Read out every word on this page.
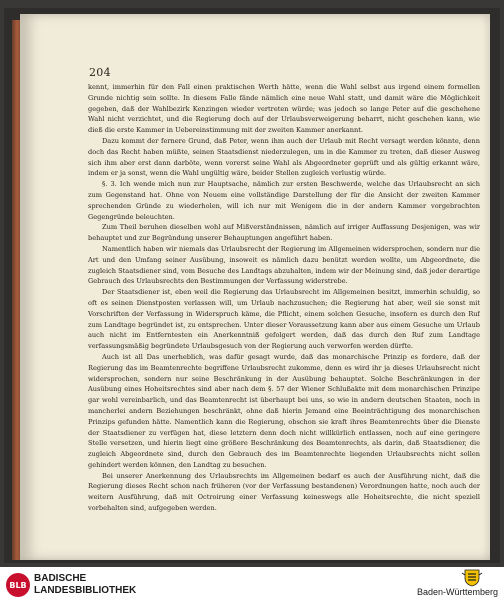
204

kennt, immerhin für den Fall einen praktischen Werth hätte, wenn die Wahl selbst aus irgend einem formellen Grunde nichtig sein sollte. In diesem Falle fände nämlich eine neue Wahl statt, und damit wäre die Möglichkeit gegeben, daß der Wahlbezirk Kenzingen wieder vertreten würde; was jedoch so lange Peter auf die geschehene Wahl nicht verzichtet, und die Regierung doch auf der Urlaubsverweigerung beharrt, nicht geschehen kann, wie dieß die erste Kammer in Uebereinstimmung mit der zweiten Kammer anerkannt.

Dazu kommt der fernere Grund, daß Peter, wenn ihm auch der Urlaub mit Recht versagt werden könnte, denn doch das Recht haben müßte, seinen Staatsdienst niederzulegen, um in die Kammer zu treten, daß dieser Ausweg sich ihm aber erst dann darböte, wenn vorerst seine Wahl als Abgeordneter geprüft und als gültig erkannt wäre, indem er ja sonst, wenn die Wahl ungültig wäre, beider Stellen zugleich verlustig würde.

§. 3. Ich wende mich nun zur Hauptsache, nämlich zur ersten Beschwerde, welche das Urlaubsrecht an sich zum Gegenstand hat. Ohne von Neuem eine vollständige Darstellung der für die Ansicht der zweiten Kammer sprechenden Gründe zu wiederholen, will ich nur mit Wenigem die in der andern Kammer vorgebrachten Gegengründe beleuchten.

Zum Theil beruhen dieselben wohl auf Mißverständnissen, nämlich auf irriger Auffassung Desjenigen, was wir behauptet und zur Begründung unserer Behauptungen angeführt haben.

Namentlich haben wir niemals das Urlaubsrecht der Regierung im Allgemeinen widersprochen, sondern nur die Art und den Umfang seiner Ausübung, insoweit es nämlich dazu benützt werden wollte, um Abgeordnete, die zugleich Staatsdiener sind, vom Besuche des Landtags abzuhalten, indem wir der Meinung sind, daß jeder derartige Gebrauch des Urlaubsrechts den Bestimmungen der Verfassung widerstrebe.

Der Staatsdiener ist, eben weil die Regierung das Urlaubsrecht im Allgemeinen besitzt, immerhin schuldig, so oft es seinen Dienstposten verlassen will, um Urlaub nachzusuchen; die Regierung hat aber, weil sie sonst mit Vorschriften der Verfassung in Widerspruch käme, die Pflicht, einem solchen Gesuche, insofern es durch den Ruf zum Landtage begründet ist, zu entsprechen. Unter dieser Voraussetzung kann aber aus einem Gesuche um Urlaub auch nicht im Entferntesten ein Anerkenntniß gefolgert werden, daß das durch den Ruf zum Landtage verfassungsmäßig begründete Urlaubsgesuch von der Regierung auch verworfen werden dürfte.

Auch ist all Das unerheblich, was dafür gesagt wurde, daß das monarchische Prinzip es fordere, daß der Regierung das im Beamtenrechte begriffene Urlaubsrecht zukomme, denn es wird ihr ja dieses Urlaubsrecht nicht widersprochen, sondern nur seine Beschränkung in der Ausübung behauptet. Solche Beschränkungen in der Ausübung eines Hoheitsrechtes sind aber nach dem §. 57 der Wiener Schlußakte mit dem monarchischen Prinzipe gar wohl vereinbarlich, und das Beamtenrecht ist überhaupt bei uns, so wie in andern deutschen Staaten, noch in mancherlei andern Beziehungen beschränkt, ohne daß hierin Jemand eine Beeinträchtigung des monarchischen Prinzips gefunden hätte. Namentlich kann die Regierung, obschon sie kraft ihres Beamtenrechts über die Dienste der Staatsdiener zu verfügen hat, diese letztern denn doch nicht willkürlich entlassen, noch auf eine geringere Stelle versetzen, und hierin liegt eine größere Beschränkung des Beamtenrechts, als darin, daß Staatsdiener, die zugleich Abgeordnete sind, durch den Gebrauch des im Beamtenrechte liegenden Urlaubsrechts nicht sollen gehindert werden können, den Landtag zu besuchen.

Bei unserer Anerkennung des Urlaubsrechts im Allgemeinen bedarf es auch der Ausführung nicht, daß die Regierung dieses Recht schon nach früheren (vor der Verfassung bestandenen) Verordnungen hatte, noch auch der weitern Ausführung, daß mit Octroirung einer Verfassung keineswegs alle Hoheitsrechte, die nicht speziell vorbehalten sind, aufgegeben werden.

BLB
BADISCHE
LANDESBIBLIOTHEK	Baden-Württemberg
